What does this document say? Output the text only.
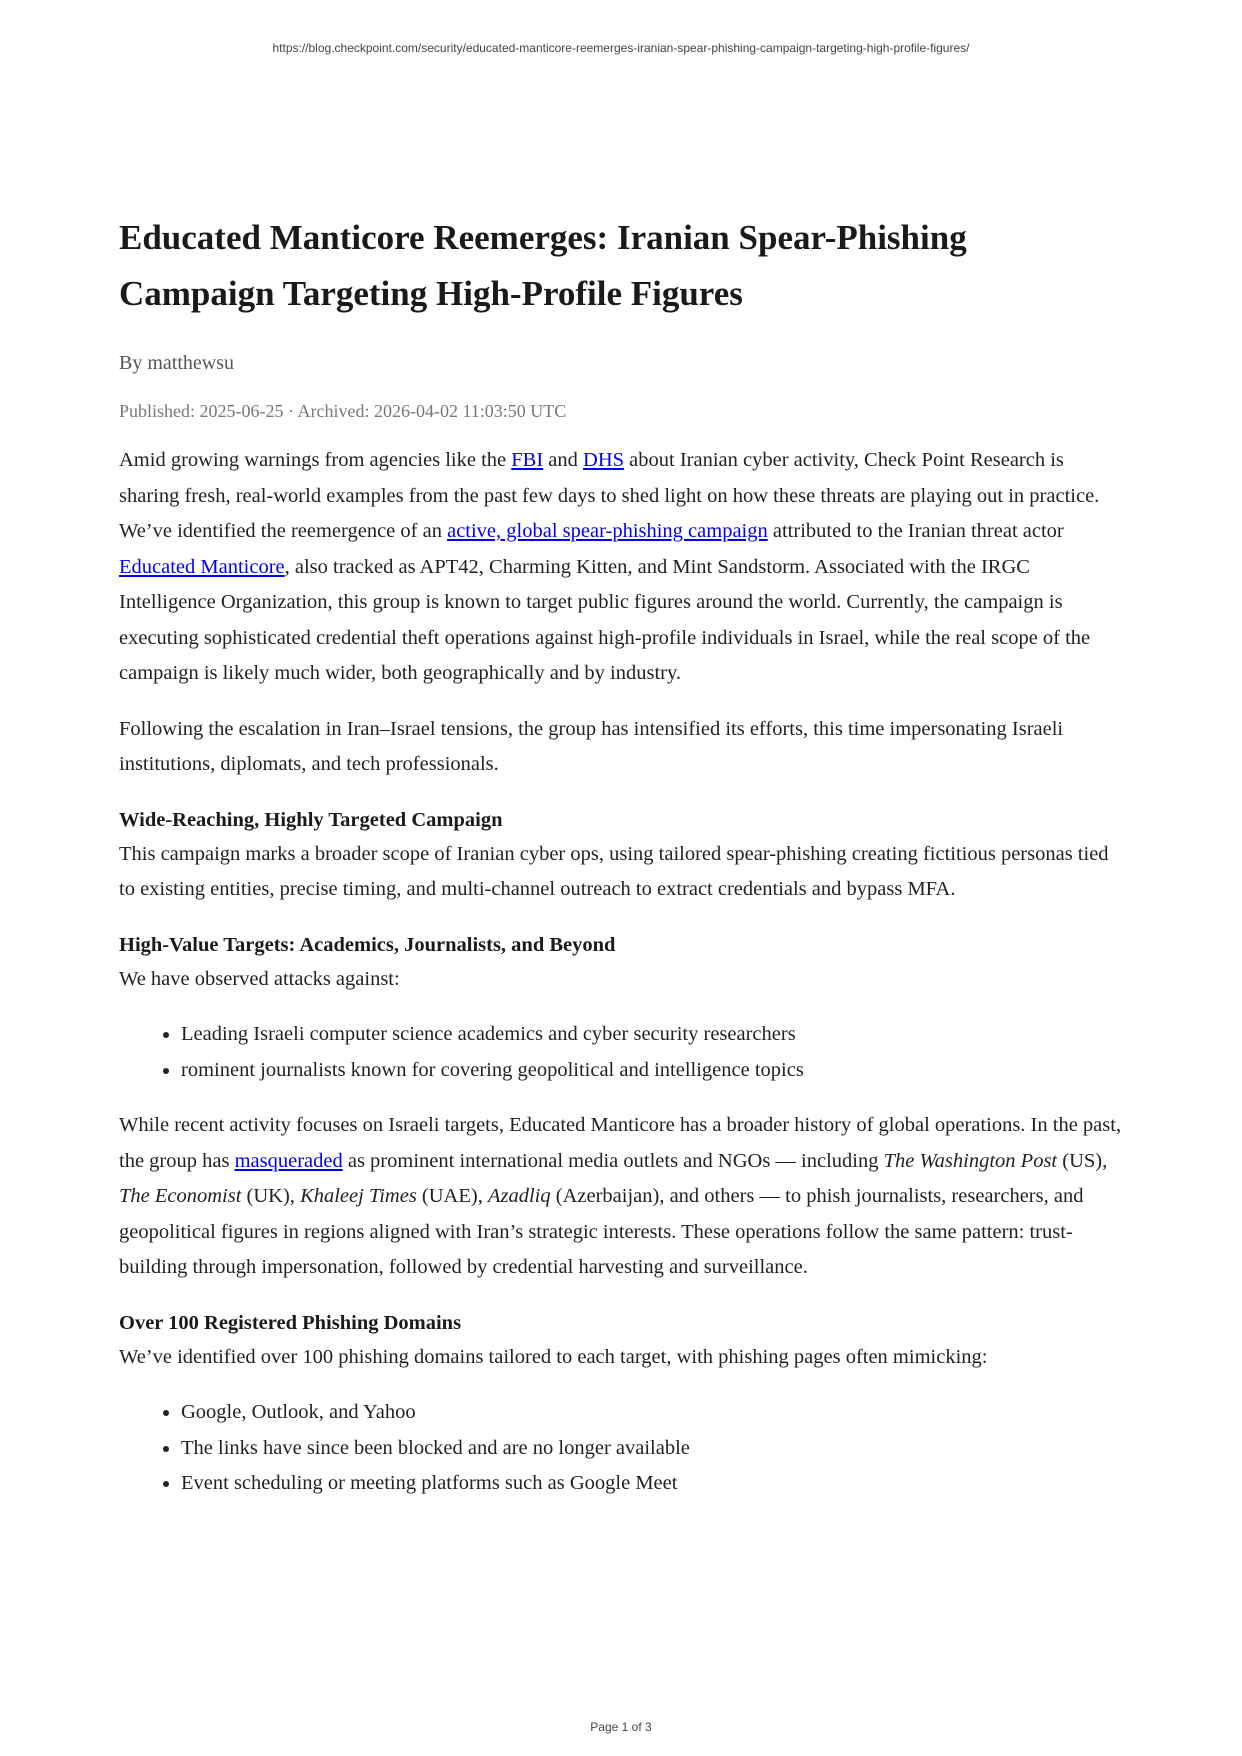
https://blog.checkpoint.com/security/educated-manticore-reemerges-iranian-spear-phishing-campaign-targeting-high-profile-figures/

Educated Manticore Reemerges: Iranian Spear-Phishing Campaign Targeting High-Profile Figures
By matthewsu
Published: 2025-06-25 · Archived: 2026-04-02 11:03:50 UTC

Amid growing warnings from agencies like the FBI and DHS about Iranian cyber activity, Check Point Research is sharing fresh, real-world examples from the past few days to shed light on how these threats are playing out in practice. We’ve identified the reemergence of an active, global spear-phishing campaign attributed to the Iranian threat actor Educated Manticore, also tracked as APT42, Charming Kitten, and Mint Sandstorm. Associated with the IRGC Intelligence Organization, this group is known to target public figures around the world. Currently, the campaign is executing sophisticated credential theft operations against high-profile individuals in Israel, while the real scope of the campaign is likely much wider, both geographically and by industry.

Following the escalation in Iran–Israel tensions, the group has intensified its efforts, this time impersonating Israeli institutions, diplomats, and tech professionals.

Wide-Reaching, Highly Targeted Campaign

This campaign marks a broader scope of Iranian cyber ops, using tailored spear-phishing creating fictitious personas tied to existing entities, precise timing, and multi-channel outreach to extract credentials and bypass MFA.

High-Value Targets: Academics, Journalists, and Beyond

We have observed attacks against:

• Leading Israeli computer science academics and cyber security researchers
• rominent journalists known for covering geopolitical and intelligence topics

While recent activity focuses on Israeli targets, Educated Manticore has a broader history of global operations. In the past, the group has masqueraded as prominent international media outlets and NGOs — including The Washington Post (US), The Economist (UK), Khaleej Times (UAE), Azadliq (Azerbaijan), and others — to phish journalists, researchers, and geopolitical figures in regions aligned with Iran’s strategic interests. These operations follow the same pattern: trust-building through impersonation, followed by credential harvesting and surveillance.

Over 100 Registered Phishing Domains

We’ve identified over 100 phishing domains tailored to each target, with phishing pages often mimicking:

• Google, Outlook, and Yahoo
• The links have since been blocked and are no longer available
• Event scheduling or meeting platforms such as Google Meet

Page 1 of 3
